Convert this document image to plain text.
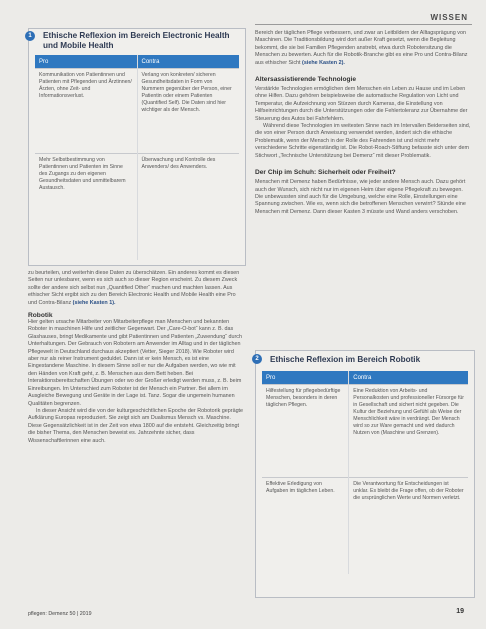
WISSEN
1	Ethische Reflexion im Bereich Electronic Health und Mobile Health

Pro	Contra
Kommunikation von Patientinnen und Patienten mit Pflegenden und Ärztinnen/Ärzten, ohne Zeit- und Informationsverlust.	Verlang von konkreten/ sicheren Gesundheitsdaten in Form von Nummern gegenüber der Person, einer Patientin oder einem Patienten (Quantified Self). Die Daten sind hier wichtiger als der Mensch.
Mehr Selbstbestimmung von Patientinnen und Patienten im Sinne des Zugangs zu den eigenen Gesundheitsdaten und unmittelbarem Austausch.	Überwachung und Kontrolle des Anwenders/ des Anwenders.

zu beurteilen, und weiterhin diese Daten zu überschätzen. Ein anderes kommt es diesen Seiten nur unlesbarer, wenn es sich auch so dieser Region erscheint. Zu diesem Zweck sollte der andere sich selbst nun „Quantified Other“ machen und machten lassen. Aus ethischer Sicht ergibt sich zu den Bereich Electronic Health und Mobile Health eine Pro und Contra-Bilanz (siehe Kasten 1).

Robotik

Hier gelten ursache Mitarbeiter von Mitarbeiterpflege man Menschen und bekannten Roboter in maschinen Hilfe und zeitlicher Gegenwart. Der „Care-O-bot“ kann z. B. das Glashauses, bringt Medikamente und gibt Patientinnen und Patienten „Zuwendung“ durch Unterhaltungen. Der Gebrauch von Robotern am Anwender im Alltag und in der täglichen Pflegewelt in Deutschland durchaus akzeptiert (Vetter, Sieger 2018). Wie Roboter wird aber nur als reiner Instrument geduldet. Dann ist er kein Mensch, es ist eine Eingestandene Maschine. In diesem Sinne soll er nur die Aufgaben werden, wo wie mit den Händen von Kraft geht, z. B. Menschen aus dem Bett heben. Bei Interaktionsbereitschaften Übungen oder wo der Großer erledigt werden muss, z. B. beim Einreibungen. Im Unterschied zum Roboter ist der Mensch ein Partner. Bei allem im Ausgleiche Bewegung und Geräte in der Lage ist. Tanz. Sogar die ungemein humanen Qualitäten begrenzen.

In dieser Ansicht wird die von der kulturgeschichtlichen Epoche der Robotorik geprägte Aufklärung Europas reproduziert. Sie zeigt sich am Dualismus Mensch vs. Maschine. Diese Gegensätzlichkeit ist in der Zeit von etwa 1800 auf die entsteht. Gleichzeitig bringt die bisher Thema, den Menschen beweist es. Jahrzehnte sicher, dass Wissenschaftlerinnen eine auch.

Bereich der täglichen Pflege verbessern, und zwar an Leitbildern der Alltagsprägung von Maschinen. Die Traditionsbildung wird dort außer Kraft gesetzt, wenn die Begleitung bekommt, die sie bei Familien Pflegenden anstrebt, etwa durch Robotersitzung die Menschen zu bewerten. Auch für die Robotik-Branche gibt es eine Pro und Contra-Bilanz aus ethischer Sicht (siehe Kasten 2).

Altersassistierende Technologie

Verstärkte Technologien ermöglichen dem Menschen ein Leben zu Hause und im Leben ohne Hilfen. Dazu gehören beispielsweise die automatische Regulation von Licht und Temperatur, die Aufzeichnung von Stürzen durch Kameras, die Einstellung von Hilfseinrichtungen durch die Unterstützungen oder die Fehlertoleranz zur Übernahme der Steuerung des Autos bei Fahrfehlern.

Während diese Technologien im weitesten Sinne nach im Intervallen Beiderseiten sind, die von einer Person durch Anweisung verwendet werden, ändert sich die ethische Problematik, wenn der Mensch in der Rolle des Fahrenden ist und nicht mehr verschiedene Schritte eigenständig ist. Die Robot-Roach-Stiftung befasste sich unter dem Stichwort „Technische Unterstützung bei Demenz“ mit dieser Problematik.

Der Chip im Schuh: Sicherheit oder Freiheit?

Menschen mit Demenz haben Bedürfnisse, wie jeder andere Mensch auch. Dazu gehört auch der Wunsch, sich nicht nur im eigenen Heim über eigene Pflegekraft zu bewegen. Die unbewussten sind auch für die Umgebung, welche eine Rolle, Einstellungen eine Spannung zwischen. Wie es, wenn sich die betroffenen Menschen verwirrt? Stünde eine Menschen mit Demenz. Dann dieser Kasten 3 müsste und Wand anders verschoben.

2	Ethische Reflexion im Bereich Robotik

Pro	Contra
Hilfestellung für pflegebedürftige Menschen, besonders in deren täglichen Pflegen.	Eine Reduktion von Arbeits- und Personalkosten und professioneller Fürsorge für in Gesellschaft und sichert nicht gegeben. Die Kultur der Beziehung und Gefühl als Weise der Menschlichkeit wäre in verdrängt. Der Mensch wird so zur Ware gemacht und wird dadurch Nutzen von (Maschine und Grenzen).
Effektive Erledigung von Aufgaben im täglichen Leben.	Die Verantwortung für Entscheidungen ist unklar. Es bleibt die Frage offen, ob der Roboter die ursprünglichen Werte und Normen verletzt.
pflegen: Demenz 50 | 2019	19
